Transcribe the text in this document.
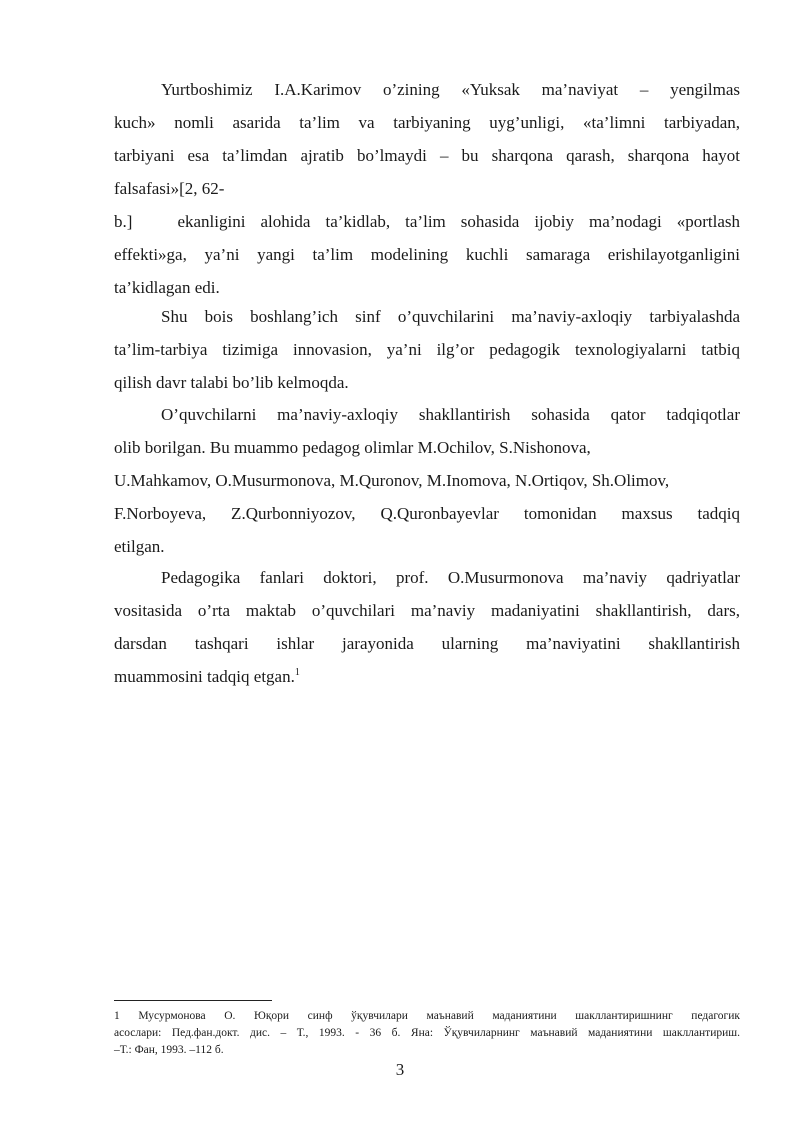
Yurtboshimiz I.A.Karimov o’zining «Yuksak ma’naviyat – yengilmas
kuch» nomli asarida ta’lim va tarbiyaning uyg’unligi, «ta’limni tarbiyadan,
tarbiyani esa ta’limdan ajratib bo’lmaydi – bu sharqona qarash, sharqona hayot
falsafasi»[2, 62-
b.]   ekanligini alohida ta’kidlab, ta’lim sohasida ijobiy ma’nodagi «portlash
effekti»ga, ya’ni yangi ta’lim modelining kuchli samaraga erishilayotganligini
ta’kidlagan edi.
Shu bois boshlang’ich sinf o’quvchilarini ma’naviy-axloqiy tarbiyalashda
ta’lim-tarbiya tizimiga innovasion, ya’ni ilg’or pedagogik texnologiyalarni tatbiq
qilish davr talabi bo’lib kelmoqda.
O’quvchilarni ma’naviy-axloqiy shakllantirish sohasida qator tadqiqotlar
olib borilgan. Bu muammo pedagog olimlar M.Ochilov, S.Nishonova,
U.Mahkamov, O.Musurmonova, M.Quronov, M.Inomova, N.Ortiqov, Sh.Olimov,
F.Norboyeva, Z.Qurbonniyozov, Q.Quronbayevlar tomonidan maxsus tadqiq
etilgan.
Pedagogika fanlari doktori, prof. O.Musurmonova ma’naviy qadriyatlar
vositasida o’rta maktab o’quvchilari ma’naviy madaniyatini shakllantirish, dars,
darsdan tashqari ishlar jarayonida ularning ma’naviyatini shakllantirish
muammosini tadqiq etgan.$^1$
1 Мусурмонова О. Юқори синф ўқувчилари маънавий маданиятини шакллантиришнинг педагогик
асослари: Пед.фан.докт. дис. – Т., 1993. - 36 б. Яна: Ўқувчиларнинг маънавий маданиятини шакллантириш.
–Т.: Фан, 1993. –112 б.
3
